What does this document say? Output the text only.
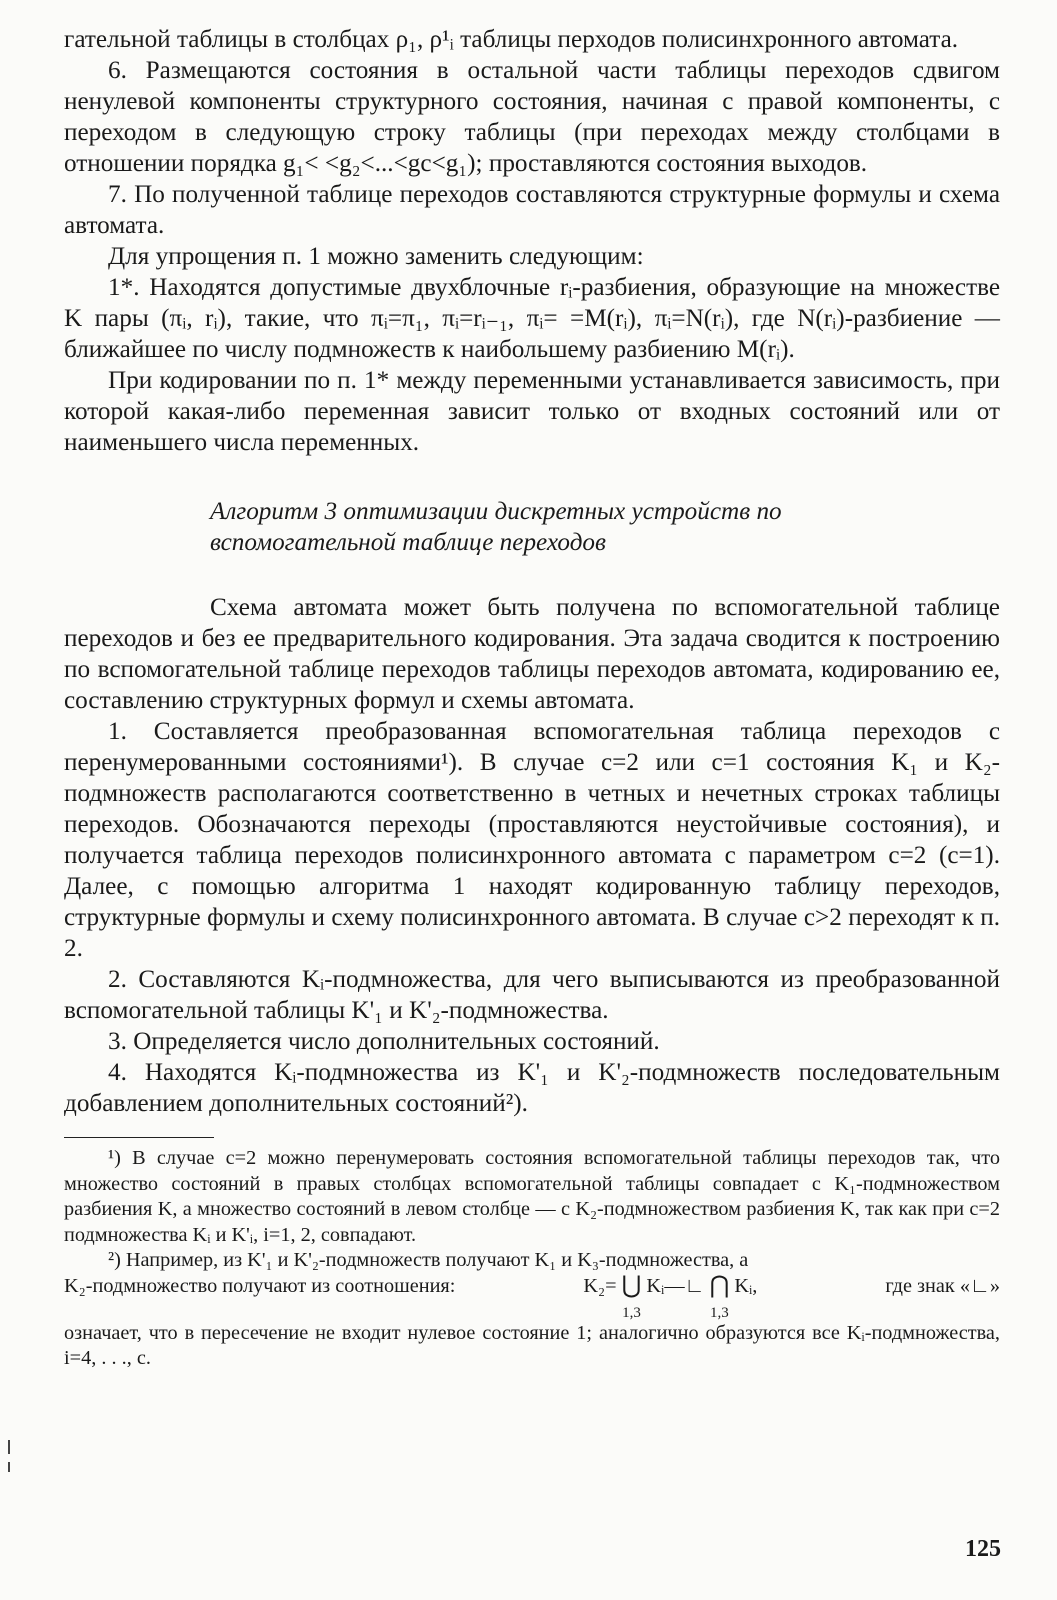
гательной таблицы в столбцах ρ₁, ρ¹ᵢ таблицы перходов полисинхронного автомата.

6. Размещаются состояния в остальной части таблицы переходов сдвигом ненулевой компоненты структурного состояния, начиная с правой компоненты, с переходом в следующую строку таблицы (при переходах между столбцами в отношении порядка g₁< <g₂<...<gc<g₁); проставляются состояния выходов.

7. По полученной таблице переходов составляются структурные формулы и схема автомата.

Для упрощения п. 1 можно заменить следующим:

1*. Находятся допустимые двухблочные rᵢ-разбиения, образующие на множестве K пары (πᵢ, rᵢ), такие, что πᵢ=π₁, πᵢ=rᵢ₋₁, πᵢ= =M(rᵢ), πᵢ=N(rᵢ), где N(rᵢ)-разбиение — ближайшее по числу подмножеств к наибольшему разбиению M(rᵢ).

При кодировании по п. 1* между переменными устанавливается зависимость, при которой какая-либо переменная зависит только от входных состояний или от наименьшего числа переменных.

Алгоритм 3 оптимизации дискретных устройств по
вспомогательной таблице переходов

Схема автомата может быть получена по вспомогательной таблице переходов и без ее предварительного кодирования. Эта задача сводится к построению по вспомогательной таблице переходов таблицы переходов автомата, кодированию ее, составлению структурных формул и схемы автомата.

1. Составляется преобразованная вспомогательная таблица переходов с перенумерованными состояниями¹). В случае c=2 или c=1 состояния K₁ и K₂-подмножеств располагаются соответственно в четных и нечетных строках таблицы переходов. Обозначаются переходы (проставляются неустойчивые состояния), и получается таблица переходов полисинхронного автомата с параметром c=2 (c=1). Далее, с помощью алгоритма 1 находят кодированную таблицу переходов, структурные формулы и схему полисинхронного автомата. В случае c>2 переходят к п. 2.

2. Составляются Kᵢ-подмножества, для чего выписываются из преобразованной вспомогательной таблицы K'₁ и K'₂-подмножества.

3. Определяется число дополнительных состояний.

4. Находятся Kᵢ-подмножества из K'₁ и K'₂-подмножеств последовательным добавлением дополнительных состояний²).

¹) В случае c=2 можно перенумеровать состояния вспомогательной таблицы переходов так, что множество состояний в правых столбцах вспомогательной таблицы совпадает с K₁-подмножеством разбиения K, а множество состояний в левом столбце — с K₂-подмножеством разбиения K, так как при c=2 подмножества Kᵢ и K'ᵢ, i=1, 2, совпадают.

²) Например, из K'₁ и K'₂-подмножеств получают K₁ и K₃-подмножества, а

K₂-подмножество получают из соотношения:	K₂= ⋃
1,3
Kᵢ—∟ ⋂
1,3
Kᵢ,	где знак «∟»

означает, что в пересечение не входит нулевое состояние 1; аналогично образуются все Kᵢ-подмножества, i=4, . . ., c.

125
